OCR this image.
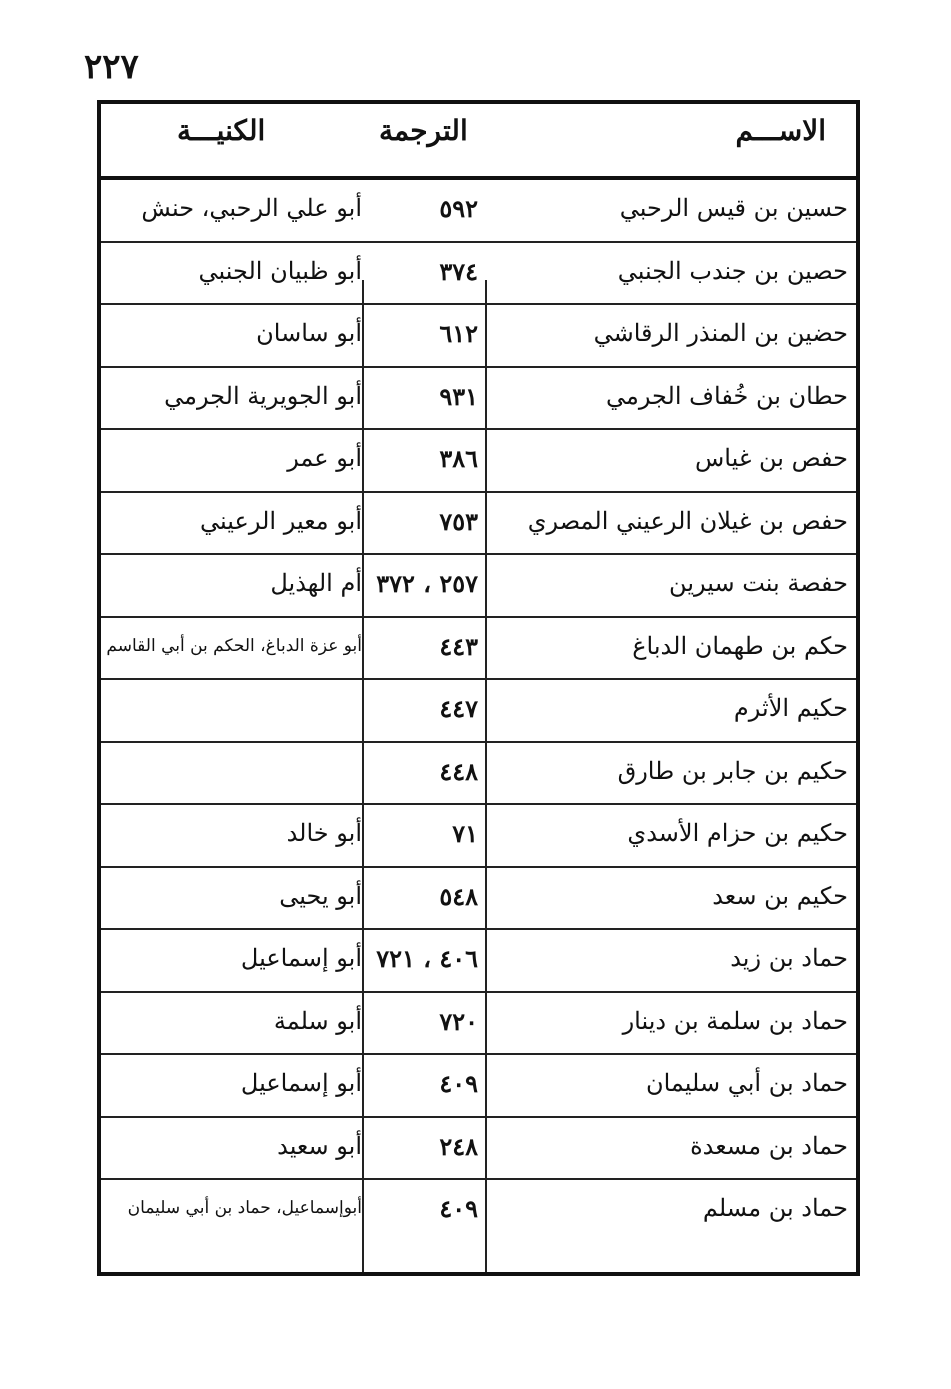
٢٢٧
الاســـم
الترجمة
الكنيـــة
حسين بن قيس الرحبي
٥٩٢
أبو علي الرحبي، حنش
حصين بن جندب الجنبي
٣٧٤
أبو ظبيان الجنبي
حضين بن المنذر الرقاشي
٦١٢
أبو ساسان
حطان بن خُفاف الجرمي
٩٣١
أبو الجويرية الجرمي
حفص بن غياس
٣٨٦
أبو عمر
حفص بن غيلان الرعيني المصري
٧٥٣
أبو معير الرعيني
حفصة بنت سيرين
٢٥٧ ، ٣٧٢
أم الهذيل
حكم بن طهمان الدباغ
٤٤٣
أبو عزة الدباغ، الحكم بن أبي القاسم
حكيم الأثرم
٤٤٧
حكيم بن جابر بن طارق
٤٤٨
حكيم بن حزام الأسدي
٧١
أبو خالد
حكيم بن سعد
٥٤٨
أبو يحيى
حماد بن زيد
٤٠٦ ، ٧٢١
أبو إسماعيل
حماد بن سلمة بن دينار
٧٢٠
أبو سلمة
حماد بن أبي سليمان
٤٠٩
أبو إسماعيل
حماد بن مسعدة
٢٤٨
أبو سعيد
حماد بن مسلم
٤٠٩
أبوإسماعيل، حماد بن أبي سليمان
